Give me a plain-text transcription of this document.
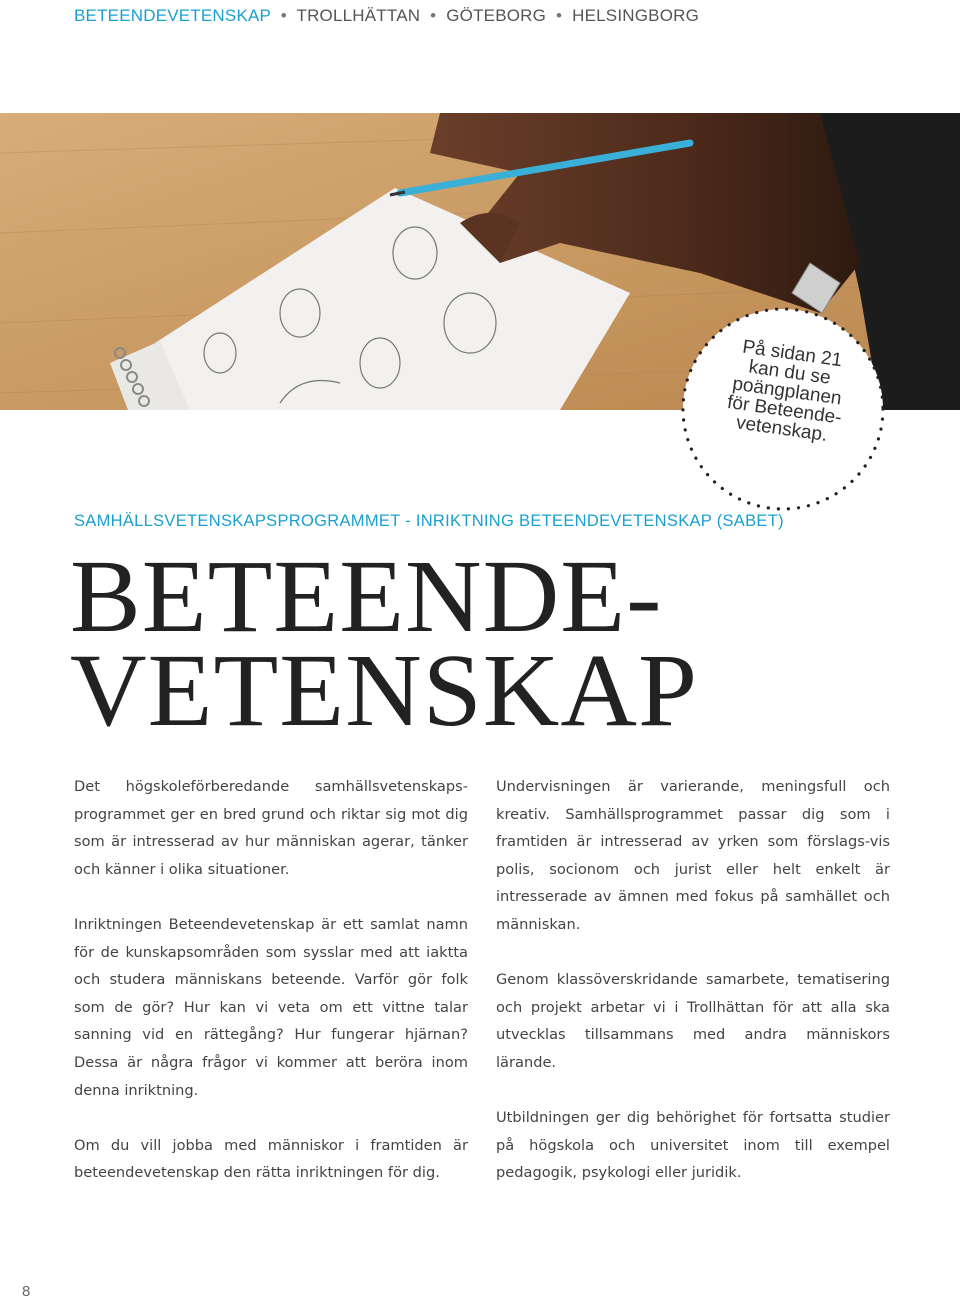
BETEENDEVETENSKAP • TROLLHÄTTAN • GÖTEBORG • HELSINGBORG
På sidan 21
kan du se
poängplanen
för Beteende-
vetenskap.
SAMHÄLLSVETENSKAPSPROGRAMMET - INRIKTNING BETEENDEVETENSKAP (SABET)
BETEENDE-
VETENSKAP

Det högskoleförberedande samhällsvetenskaps-programmet ger en bred grund och riktar sig mot dig som är intresserad av hur människan agerar, tänker och känner i olika situationer.

Inriktningen Beteendevetenskap är ett samlat namn för de kunskapsområden som sysslar med att iaktta och studera människans beteende. Varför gör folk som de gör? Hur kan vi veta om ett vittne talar sanning vid en rättegång? Hur fungerar hjärnan? Dessa är några frågor vi kommer att beröra inom denna inriktning.

Om du vill jobba med människor i framtiden är beteendevetenskap den rätta inriktningen för dig.

Undervisningen är varierande, meningsfull och kreativ. Samhällsprogrammet passar dig som i framtiden är intresserad av yrken som förslags-vis polis, socionom och jurist eller helt enkelt är intresserade av ämnen med fokus på samhället och människan.

Genom klassöverskridande samarbete, tematisering och projekt arbetar vi i Trollhättan för att alla ska utvecklas tillsammans med andra människors lärande.

Utbildningen ger dig behörighet för fortsatta studier på högskola och universitet inom till exempel pedagogik, psykologi eller juridik.

8
